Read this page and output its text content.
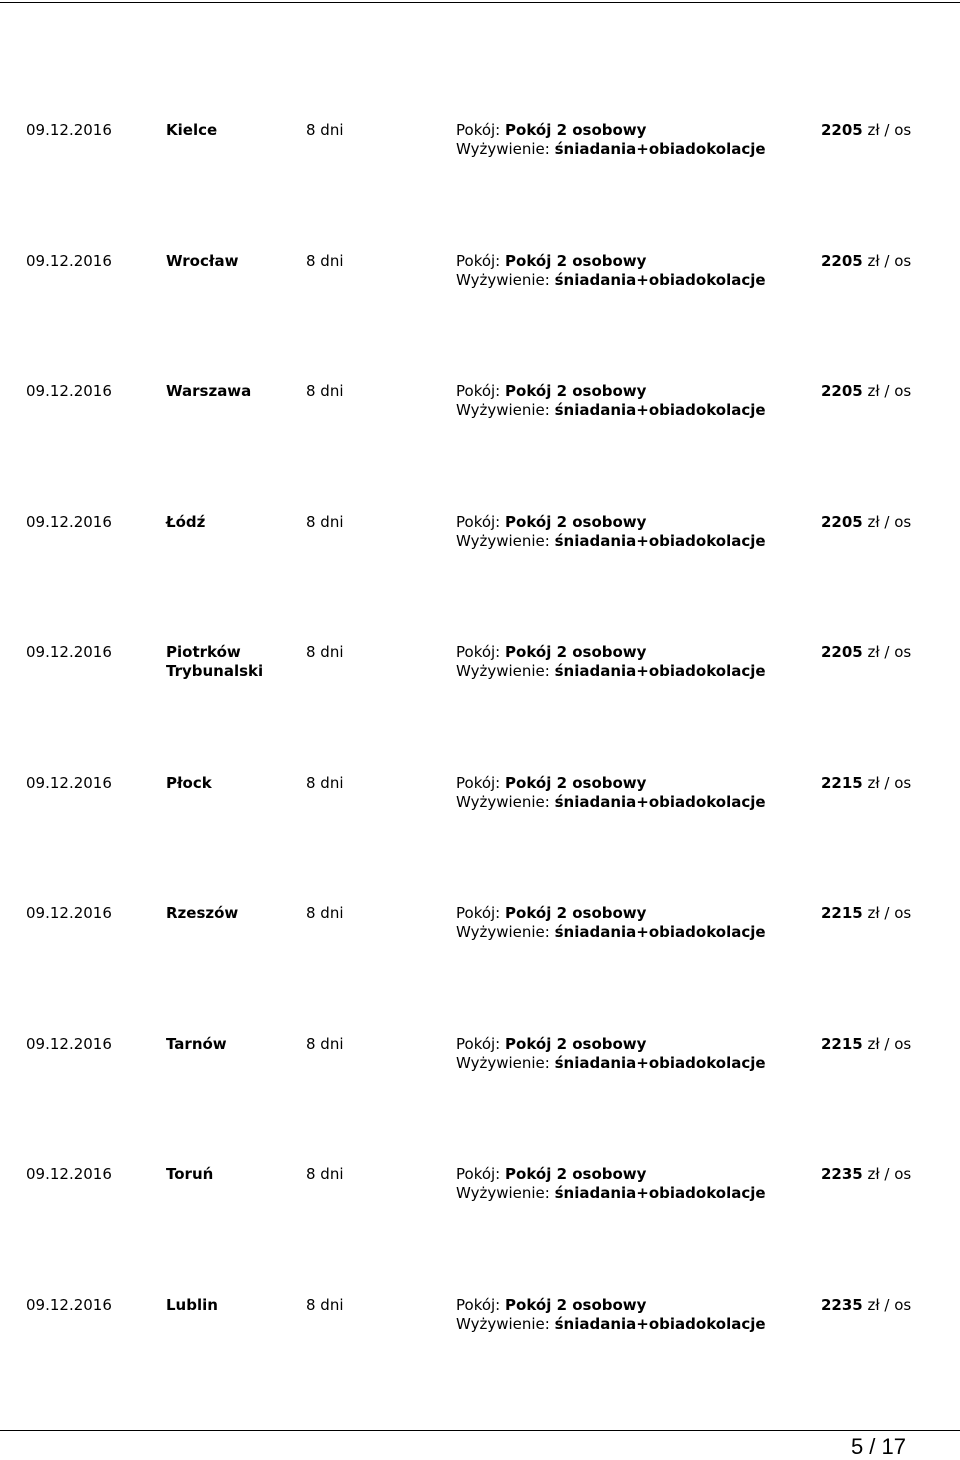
09.12.2016	Kielce	8 dni	Pokój: Pokój 2 osobowy
Wyżywienie: śniadania+obiadokolacje
2205 zł / os
09.12.2016	Wrocław	8 dni	Pokój: Pokój 2 osobowy
Wyżywienie: śniadania+obiadokolacje
2205 zł / os
09.12.2016	Warszawa	8 dni	Pokój: Pokój 2 osobowy
Wyżywienie: śniadania+obiadokolacje
2205 zł / os
09.12.2016	Łódź	8 dni	Pokój: Pokój 2 osobowy
Wyżywienie: śniadania+obiadokolacje
2205 zł / os
09.12.2016	Piotrków
Trybunalski
8 dni	Pokój: Pokój 2 osobowy
Wyżywienie: śniadania+obiadokolacje
2205 zł / os
09.12.2016	Płock	8 dni	Pokój: Pokój 2 osobowy
Wyżywienie: śniadania+obiadokolacje
2215 zł / os
09.12.2016	Rzeszów	8 dni	Pokój: Pokój 2 osobowy
Wyżywienie: śniadania+obiadokolacje
2215 zł / os
09.12.2016	Tarnów	8 dni	Pokój: Pokój 2 osobowy
Wyżywienie: śniadania+obiadokolacje
2215 zł / os
09.12.2016	Toruń	8 dni	Pokój: Pokój 2 osobowy
Wyżywienie: śniadania+obiadokolacje
2235 zł / os
09.12.2016	Lublin	8 dni	Pokój: Pokój 2 osobowy
Wyżywienie: śniadania+obiadokolacje
2235 zł / os
5 / 17
